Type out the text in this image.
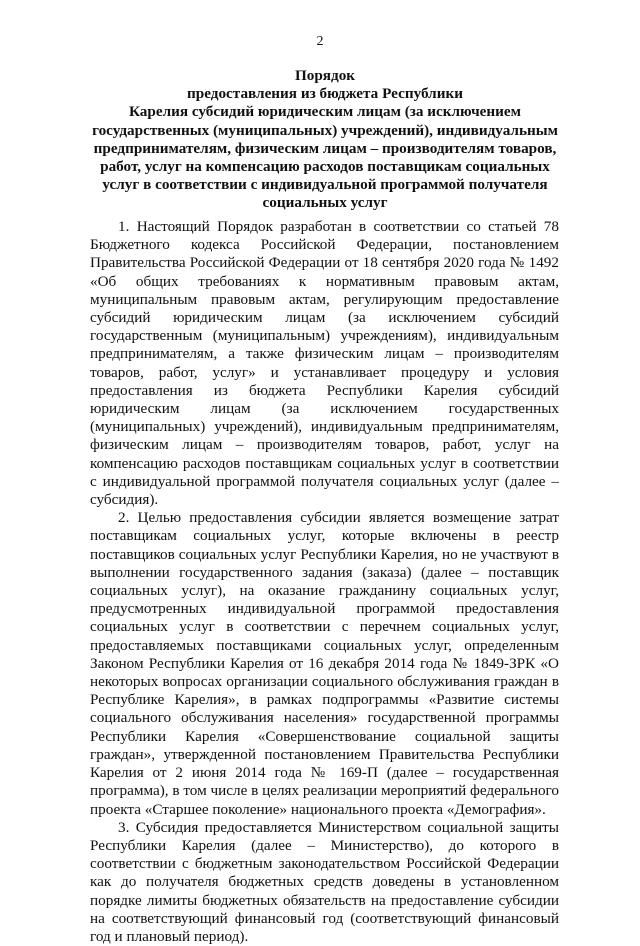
2
Порядок
предоставления из бюджета Республики
Карелия субсидий юридическим лицам (за исключением
государственных (муниципальных) учреждений), индивидуальным
предпринимателям, физическим лицам – производителям товаров,
работ, услуг на компенсацию расходов поставщикам социальных
услуг в соответствии с индивидуальной программой получателя
социальных услуг

1. Настоящий Порядок разработан в соответствии со статьей 78 Бюджетного кодекса Российской Федерации, постановлением Правительства Российской Федерации от 18 сентября 2020 года № 1492 «Об общих требованиях к нормативным правовым актам, муниципальным правовым актам, регулирующим предоставление субсидий юридическим лицам (за исключением субсидий государственным (муниципальным) учреждениям), индивидуальным предпринимателям, а также физическим лицам – производителям товаров, работ, услуг» и устанавливает процедуру и условия предоставления из бюджета Республики Карелия субсидий юридическим лицам (за исключением государственных (муниципальных) учреждений), индивидуальным предпринимателям, физическим лицам – производителям товаров, работ, услуг на компенсацию расходов поставщикам социальных услуг в соответствии с индивидуальной программой получателя социальных услуг (далее – субсидия).

2. Целью предоставления субсидии является возмещение затрат поставщикам социальных услуг, которые включены в реестр поставщиков социальных услуг Республики Карелия, но не участвуют в выполнении государственного задания (заказа) (далее – поставщик социальных услуг), на оказание гражданину социальных услуг, предусмотренных индивидуальной программой предоставления социальных услуг в соответствии с перечнем социальных услуг, предоставляемых поставщиками социальных услуг, определенным Законом Республики Карелия от 16 декабря 2014 года № 1849-ЗРК «О некоторых вопросах организации социального обслуживания граждан в Республике Карелия», в рамках подпрограммы «Развитие системы социального обслуживания населения» государственной программы Республики Карелия «Совершенствование социальной защиты граждан», утвержденной постановлением Правительства Республики Карелия от 2 июня 2014 года № 169-П (далее – государственная программа), в том числе в целях реализации мероприятий федерального проекта «Старшее поколение» национального проекта «Демография».

3. Субсидия предоставляется Министерством социальной защиты Республики Карелия (далее – Министерство), до которого в соответствии с бюджетным законодательством Российской Федерации как до получателя бюджетных средств доведены в установленном порядке лимиты бюджетных обязательств на предоставление субсидии на соответствующий финансовый год (соответствующий финансовый год и плановый период).
